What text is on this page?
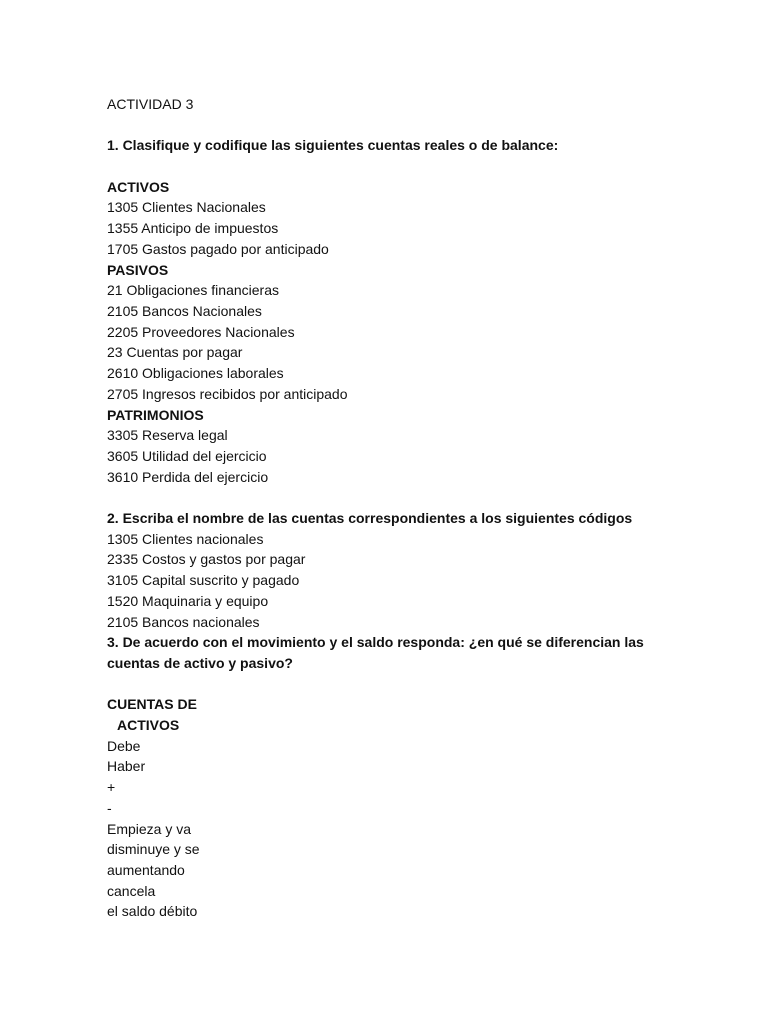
ACTIVIDAD 3
1. Clasifique y codifique las siguientes cuentas reales o de balance:
ACTIVOS
1305 Clientes Nacionales
1355 Anticipo de impuestos
1705 Gastos pagado por anticipado
PASIVOS
21 Obligaciones financieras
2105 Bancos Nacionales
2205 Proveedores Nacionales
23 Cuentas por pagar
2610 Obligaciones laborales
2705 Ingresos recibidos por anticipado
PATRIMONIOS
3305 Reserva legal
3605 Utilidad del ejercicio
3610 Perdida del ejercicio
2. Escriba el nombre de las cuentas correspondientes a los siguientes códigos
1305 Clientes nacionales
2335 Costos y gastos por pagar
3105 Capital suscrito y pagado
1520 Maquinaria y equipo
2105 Bancos nacionales
3. De acuerdo con el movimiento y el saldo responda: ¿en qué se diferencian las cuentas de activo y pasivo?
CUENTAS DE
ACTIVOS
Debe
Haber
+
-
Empieza y va
disminuye y se
aumentando
cancela
el saldo débito
